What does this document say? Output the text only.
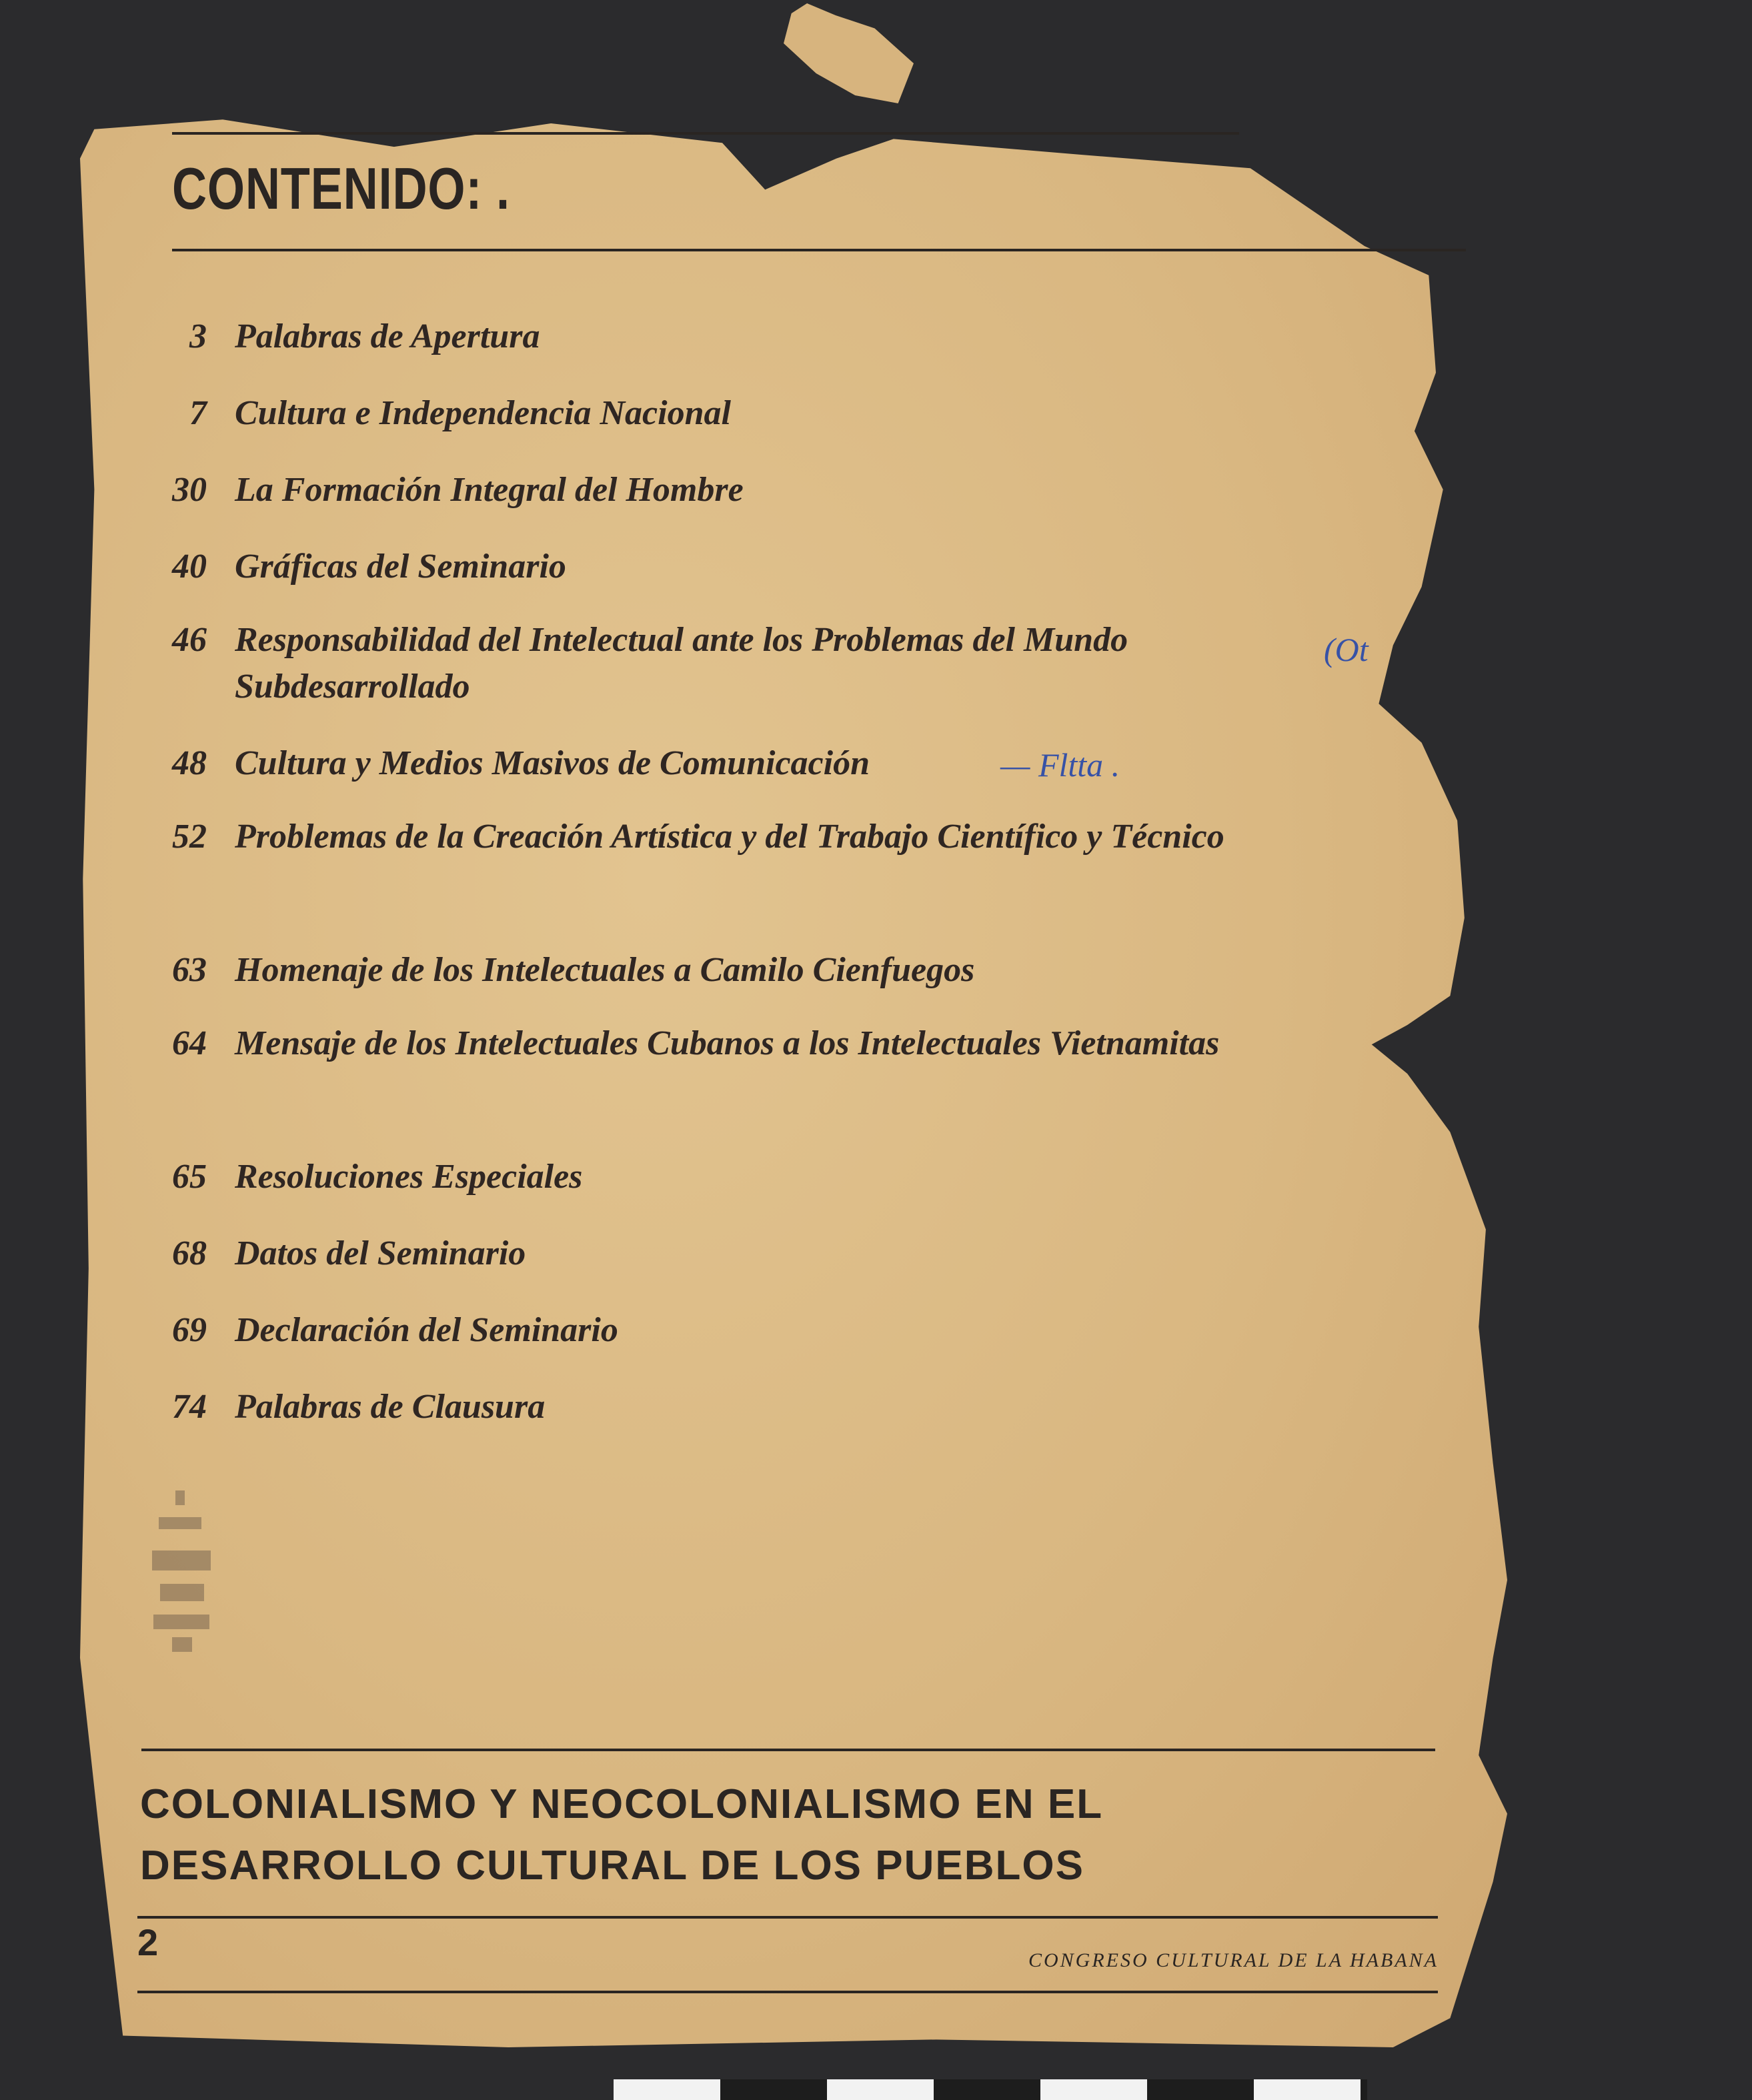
CONTENIDO: .
3 Palabras de Apertura
7 Cultura e Independencia Nacional
30 La Formación Integral del Hombre
40 Gráficas del Seminario
46 Responsabilidad del Intelectual ante los Problemas del Mundo Subdesarrollado
48 Cultura y Medios Masivos de Comunicación
52 Problemas de la Creación Artística y del Trabajo Científico y Técnico
63 Homenaje de los Intelectuales a Camilo Cienfuegos
64 Mensaje de los Intelectuales Cubanos a los Intelectuales Vietnamitas
65 Resoluciones Especiales
68 Datos del Seminario
69 Declaración del Seminario
74 Palabras de Clausura
(Ot
— Fltta .
COLONIALISMO Y NEOCOLONIALISMO EN EL DESARROLLO CULTURAL DE LOS PUEBLOS
2	CONGRESO CULTURAL DE LA HABANA
